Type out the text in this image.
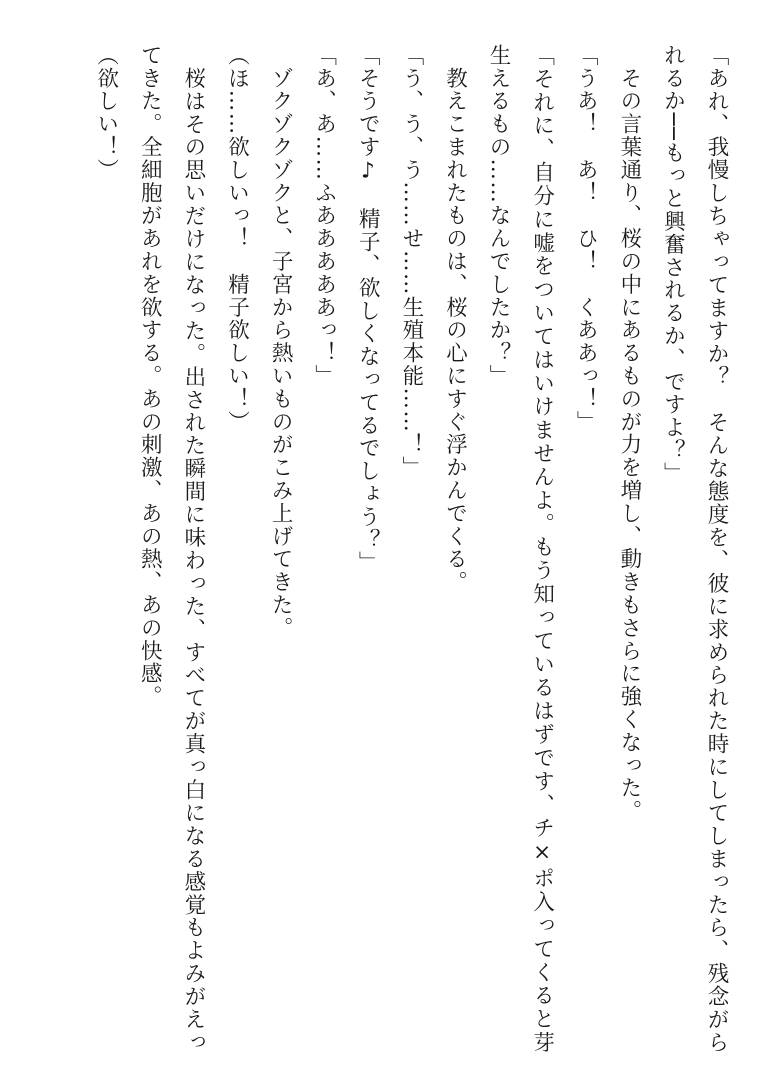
「あれ、我慢しちゃってますか？　そんな態度を、彼に求められた時にしてしまったら、残念がられるか──もっと興奮されるか、ですよ？」

　その言葉通り、桜の中にあるものが力を増し、動きもさらに強くなった。

「うあ！　あ！　ひ！　くああっ！」

「それに、自分に嘘をついてはいけませんよ。もう知っているはずです、チ×ポ入ってくると芽生えるもの……なんでしたか？」

　教えこまれたものは、桜の心にすぐ浮かんでくる。

「う、う、う……せ……生殖本能……！」

「そうです♪　精子、欲しくなってるでしょう？」

「あ、あ……ふあああああっ！」

　ゾクゾクゾクと、子宮から熱いものがこみ上げてきた。

（ほ……欲しいっ！　精子欲しい！）

　桜はその思いだけになった。出された瞬間に味わった、すべてが真っ白になる感覚もよみがえってきた。全細胞があれを欲する。あの刺激、あの熱、あの快感。

（欲しい！）
